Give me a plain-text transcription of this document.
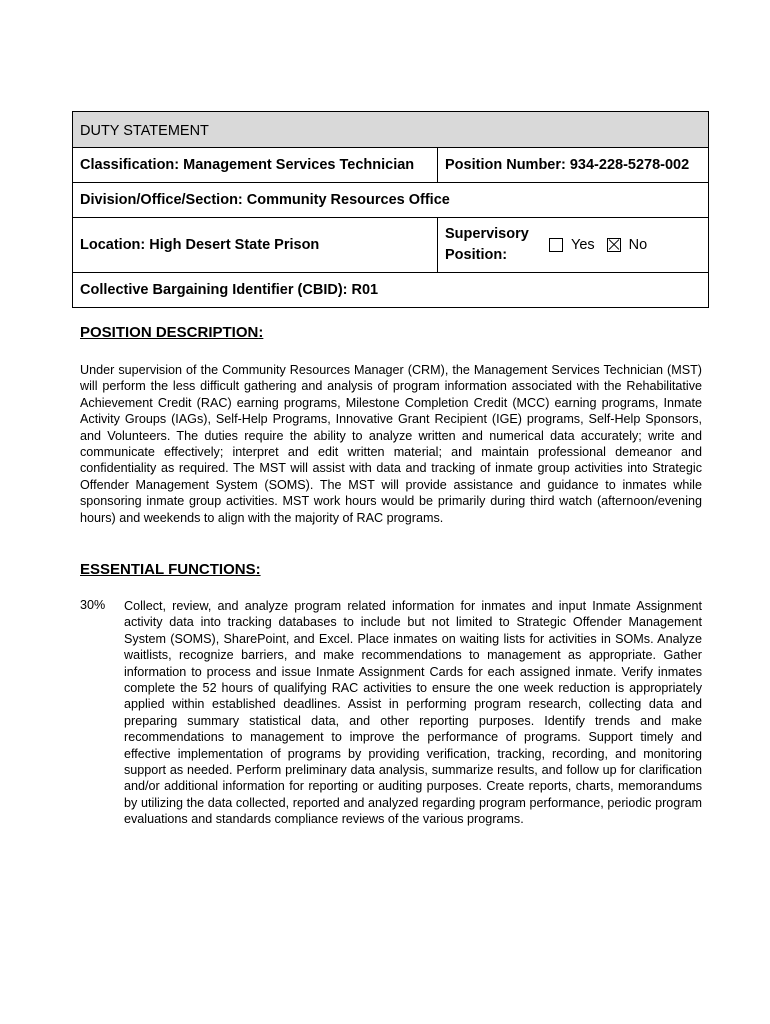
DUTY STATEMENT	
Classification: Management Services Technician	Position Number: 934-228-5278-002
Division/Office/Section: Community Resources Office	
Location: High Desert State Prison	Supervisory
Position:
Yes No

Collective Bargaining Identifier (CBID): R01	
POSITION DESCRIPTION:

Under supervision of the Community Resources Manager (CRM), the Management Services Technician (MST) will perform the less difficult gathering and analysis of program information associated with the Rehabilitative Achievement Credit (RAC) earning programs, Milestone Completion Credit (MCC) earning programs, Inmate Activity Groups (IAGs), Self-Help Programs, Innovative Grant Recipient (IGE) programs, Self-Help Sponsors, and Volunteers. The duties require the ability to analyze written and numerical data accurately; write and communicate effectively; interpret and edit written material; and maintain professional demeanor and confidentiality as required. The MST will assist with data and tracking of inmate group activities into Strategic Offender Management System (SOMS). The MST will provide assistance and guidance to inmates while sponsoring inmate group activities. MST work hours would be primarily during third watch (afternoon/evening hours) and weekends to align with the majority of RAC programs.

ESSENTIAL FUNCTIONS:
30% Collect, review, and analyze program related information for inmates and input Inmate Assignment activity data into tracking databases to include but not limited to Strategic Offender Management System (SOMS), SharePoint, and Excel. Place inmates on waiting lists for activities in SOMs. Analyze waitlists, recognize barriers, and make recommendations to management as appropriate. Gather information to process and issue Inmate Assignment Cards for each assigned inmate. Verify inmates complete the 52 hours of qualifying RAC activities to ensure the one week reduction is appropriately applied within established deadlines. Assist in performing program research, collecting data and preparing summary statistical data, and other reporting purposes. Identify trends and make recommendations to management to improve the performance of programs. Support timely and effective implementation of programs by providing verification, tracking, recording, and monitoring support as needed. Perform preliminary data analysis, summarize results, and follow up for clarification and/or additional information for reporting or auditing purposes. Create reports, charts, memorandums by utilizing the data collected, reported and analyzed regarding program performance, periodic program evaluations and standards compliance reviews of the various programs.
